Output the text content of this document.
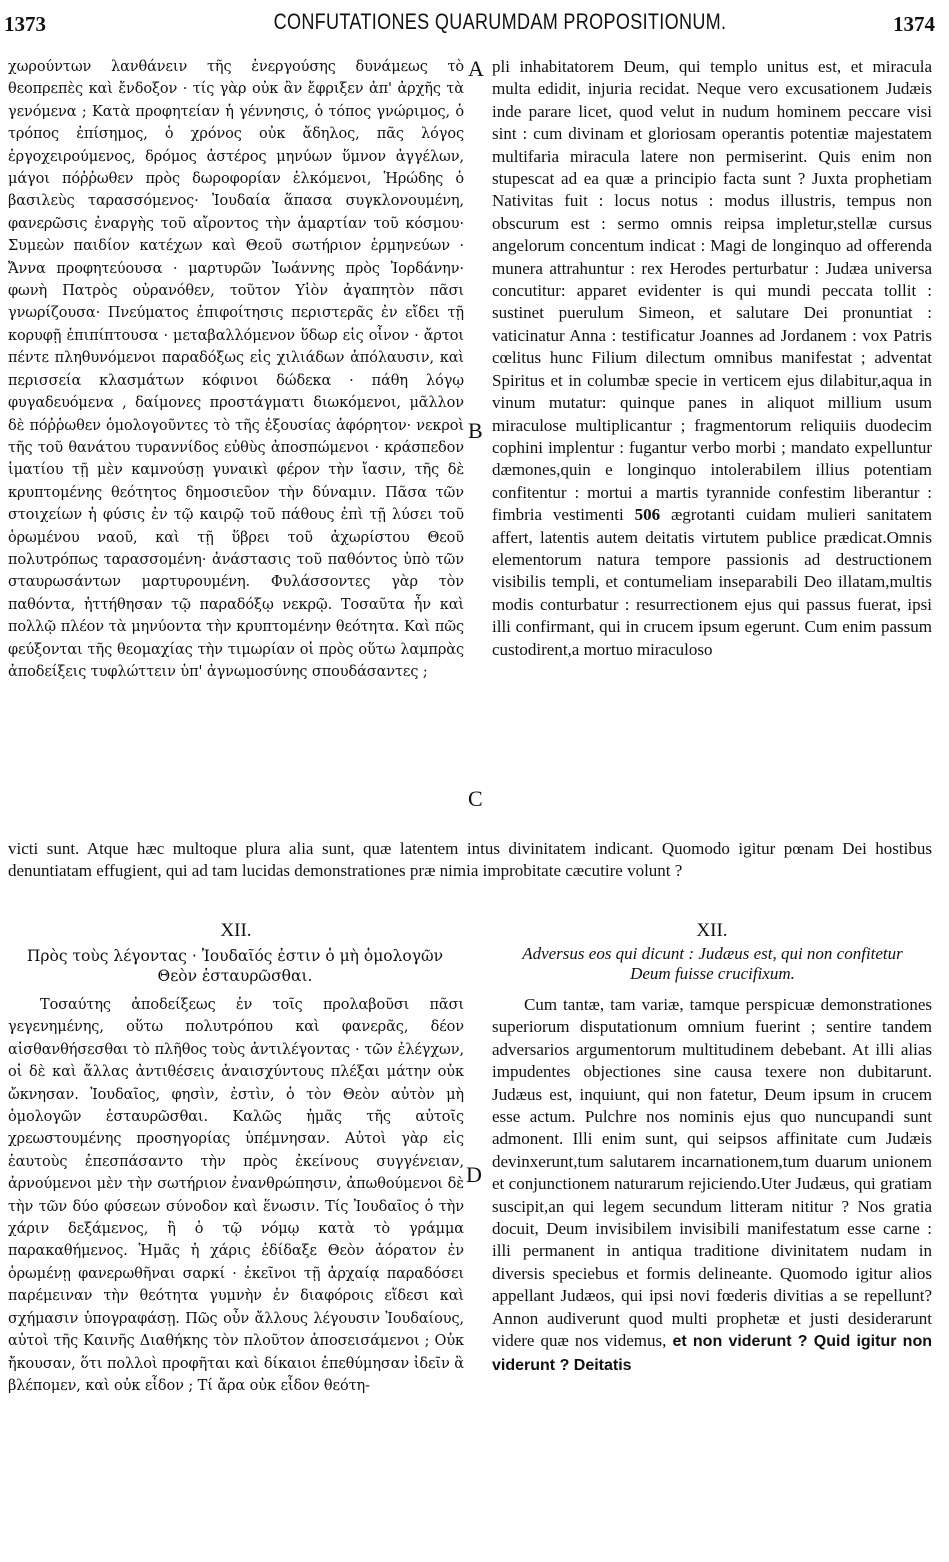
1373	CONFUTATIONES QUARUMDAM PROPOSITIONUM.	1374

χωρούντων λανθάνειν τῆς ἐνεργούσης δυνάμεως τὸ θεοπρεπὲς καὶ ἔνδοξον · τίς γὰρ οὐκ ἂν ἔφριξεν ἀπ' ἀρχῆς τὰ γενόμενα ; Κατὰ προφητείαν ἡ γέννησις, ὁ τόπος γνώριμος, ὁ τρόπος ἐπίσημος, ὁ χρόνος οὐκ ἄδηλος, πᾶς λόγος ἐργοχειρούμενος, δρόμος ἀστέρος μηνύων ὕμνον ἀγγέλων, μάγοι πόῤῥωθεν πρὸς δωροφορίαν ἑλκόμενοι, Ἡρώδης ὁ βασιλεὺς ταρασσόμενος· Ἰουδαία ἅπασα συγκλονουμένη, φανερῶσις ἐναργὴς τοῦ αἴροντος τὴν ἁμαρτίαν τοῦ κόσμου· Συμεὼν παιδίον κατέχων καὶ Θεοῦ σωτήριον ἑρμηνεύων · Ἄννα προφητεύουσα · μαρτυρῶν Ἰωάννης πρὸς Ἰορδάνην· φωνὴ Πατρὸς οὐρανόθεν, τοῦτον Υἱὸν ἀγαπητὸν πᾶσι γνωρίζουσα· Πνεύματος ἐπιφοίτησις περιστερᾶς ἐν εἴδει τῇ κορυφῇ ἐπιπίπτουσα · μεταβαλλόμενον ὕδωρ εἰς οἶνον · ἄρτοι πέντε πληθυνόμενοι παραδόξως εἰς χιλιάδων ἀπόλαυσιν, καὶ περισσεία κλασμάτων κόφινοι δώδεκα · πάθη λόγῳ φυγαδευόμενα , δαίμονες προστάγματι διωκόμενοι, μᾶλλον δὲ πόῤῥωθεν ὁμολογοῦντες τὸ τῆς ἐξουσίας ἀφόρητον· νεκροὶ τῆς τοῦ θανάτου τυραννίδος εὐθὺς ἀποσπώμενοι · κράσπεδον ἱματίου τῇ μὲν καμνούσῃ γυναικὶ φέρον τὴν ἴασιν, τῆς δὲ κρυπτομένης θεότητος δημοσιεῦον τὴν δύναμιν. Πᾶσα τῶν στοιχείων ἡ φύσις ἐν τῷ καιρῷ τοῦ πάθους ἐπὶ τῇ λύσει τοῦ ὁρωμένου ναοῦ, καὶ τῇ ὕβρει τοῦ ἀχωρίστου Θεοῦ πολυτρόπως ταρασσομένη· ἀνάστασις τοῦ παθόντος ὑπὸ τῶν σταυρωσάντων μαρτυρουμένη. Φυλάσσοντες γὰρ τὸν παθόντα, ἡττήθησαν τῷ παραδόξῳ νεκρῷ. Τοσαῦτα ἦν καὶ πολλῷ πλέον τὰ μηνύοντα τὴν κρυπτομένην θεότητα. Καὶ πῶς φεύξονται τῆς θεομαχίας τὴν τιμωρίαν οἱ πρὸς οὕτω λαμπρὰς ἀποδείξεις τυφλώττειν ὑπ' ἀγνωμοσύνης σπουδάσαντες ;

pli inhabitatorem Deum, qui templo unitus est, et miracula multa edidit, injuria recidat. Neque vero excusationem Judæis inde parare licet, quod velut in nudum hominem peccare visi sint : cum divinam et gloriosam operantis potentiæ majestatem multifaria miracula latere non permiserint. Quis enim non stupescat ad ea quæ a principio facta sunt ? Juxta prophetiam Nativitas fuit : locus notus : modus illustris, tempus non obscurum est : sermo omnis reipsa impletur,stellæ cursus angelorum concentum indicat : Magi de longinquo ad offerenda munera attrahuntur : rex Herodes perturbatur : Judæa universa concutitur: apparet evidenter is qui mundi peccata tollit : sustinet puerulum Simeon, et salutare Dei pronuntiat : vaticinatur Anna : testificatur Joannes ad Jordanem : vox Patris cœlitus hunc Filium dilectum omnibus manifestat ; adventat Spiritus et in columbæ specie in verticem ejus dilabitur,aqua in vinum mutatur: quinque panes in aliquot millium usum miraculose multiplicantur ; fragmentorum reliquiis duodecim cophini implentur : fugantur verbo morbi ; mandato expelluntur dæmones,quin e longinquo intolerabilem illius potentiam confitentur : mortui a martis tyrannide confestim liberantur : fimbria vestimenti 506 ægrotanti cuidam mulieri sanitatem affert, latentis autem deitatis virtutem publice prædicat.Omnis elementorum natura tempore passionis ad destructionem visibilis templi, et contumeliam inseparabili Deo illatam,multis modis conturbatur : resurrectionem ejus qui passus fuerat, ipsi illi confirmant, qui in crucem ipsum egerunt. Cum enim passum custodirent,a mortuo miraculoso

A
B
C
D
victi sunt. Atque hæc multoque plura alia sunt, quæ latentem intus divinitatem indicant. Quomodo igitur pœnam Dei hostibus denuntiatam effugient, qui ad tam lucidas demonstrationes præ nimia improbitate cæcutire volunt ?
XII.	XII.
Πρὸς τοὺς λέγοντας · Ἰουδαῖός ἐστιν ὁ μὴ ὁμολογῶν Θεὸν ἐσταυρῶσθαι.
Adversus eos qui dicunt : Judæus est, qui non confitetur Deum fuisse crucifixum.

Τοσαύτης ἀποδείξεως ἐν τοῖς προλαβοῦσι πᾶσι γεγενημένης, οὕτω πολυτρόπου καὶ φανερᾶς, δέον αἰσθανθήσεσθαι τὸ πλῆθος τοὺς ἀντιλέγοντας · τῶν ἐλέγχων, οἱ δὲ καὶ ἄλλας ἀντιθέσεις ἀναισχύντους πλέξαι μάτην οὐκ ὤκνησαν. Ἰουδαῖος, φησὶν, ἐστὶν, ὁ τὸν Θεὸν αὐτὸν μὴ ὁμολογῶν ἐσταυρῶσθαι. Καλῶς ἡμᾶς τῆς αὐτοῖς χρεωστουμένης προσηγορίας ὑπέμνησαν. Αὐτοὶ γὰρ εἰς ἑαυτοὺς ἐπεσπάσαντο τὴν πρὸς ἐκείνους συγγένειαν, ἀρνούμενοι μὲν τὴν σωτήριον ἐνανθρώπησιν, ἀπωθούμενοι δὲ τὴν τῶν δύο φύσεων σύνοδον καὶ ἕνωσιν. Τίς Ἰουδαῖος ὁ τὴν χάριν δεξάμενος, ἢ ὁ τῷ νόμῳ κατὰ τὸ γράμμα παρακαθήμενος. Ἡμᾶς ἡ χάρις ἐδίδαξε Θεὸν ἀόρατον ἐν ὁρωμένῃ φανερωθῆναι σαρκί · ἐκεῖνοι τῇ ἀρχαίᾳ παραδόσει παρέμειναν τὴν θεότητα γυμνὴν ἐν διαφόροις εἴδεσι καὶ σχήμασιν ὑπογραφάσῃ. Πῶς οὖν ἄλλους λέγουσιν Ἰουδαίους, αὐτοὶ τῆς Καινῆς Διαθήκης τὸν πλοῦτον ἀποσεισάμενοι ; Οὐκ ἤκουσαν, ὅτι πολλοὶ προφῆται καὶ δίκαιοι ἐπεθύμησαν ἰδεῖν ἃ βλέπομεν, καὶ οὐκ εἶδον ; Τί ἄρα οὐκ εἶδον θεότη-

Cum tantæ, tam variæ, tamque perspicuæ demonstrationes superiorum disputationum omnium fuerint ; sentire tandem adversarios argumentorum multitudinem debebant. At illi alias impudentes objectiones sine causa texere non dubitarunt. Judæus est, inquiunt, qui non fatetur, Deum ipsum in crucem esse actum. Pulchre nos nominis ejus quo nuncupandi sunt admonent. Illi enim sunt, qui seipsos affinitate cum Judæis devinxerunt,tum salutarem incarnationem,tum duarum unionem et conjunctionem naturarum rejiciendo.Uter Judæus, qui gratiam suscipit,an qui legem secundum litteram nititur ? Nos gratia docuit, Deum invisibilem invisibili manifestatum esse carne : illi permanent in antiqua traditione divinitatem nudam in diversis speciebus et formis delineante. Quomodo igitur alios appellant Judæos, qui ipsi novi fœderis divitias a se repellunt?Annon audiverunt quod multi prophetæ et justi desiderarunt videre quæ nos videmus, et non viderunt ? Quid igitur non viderunt ? Deitatis
